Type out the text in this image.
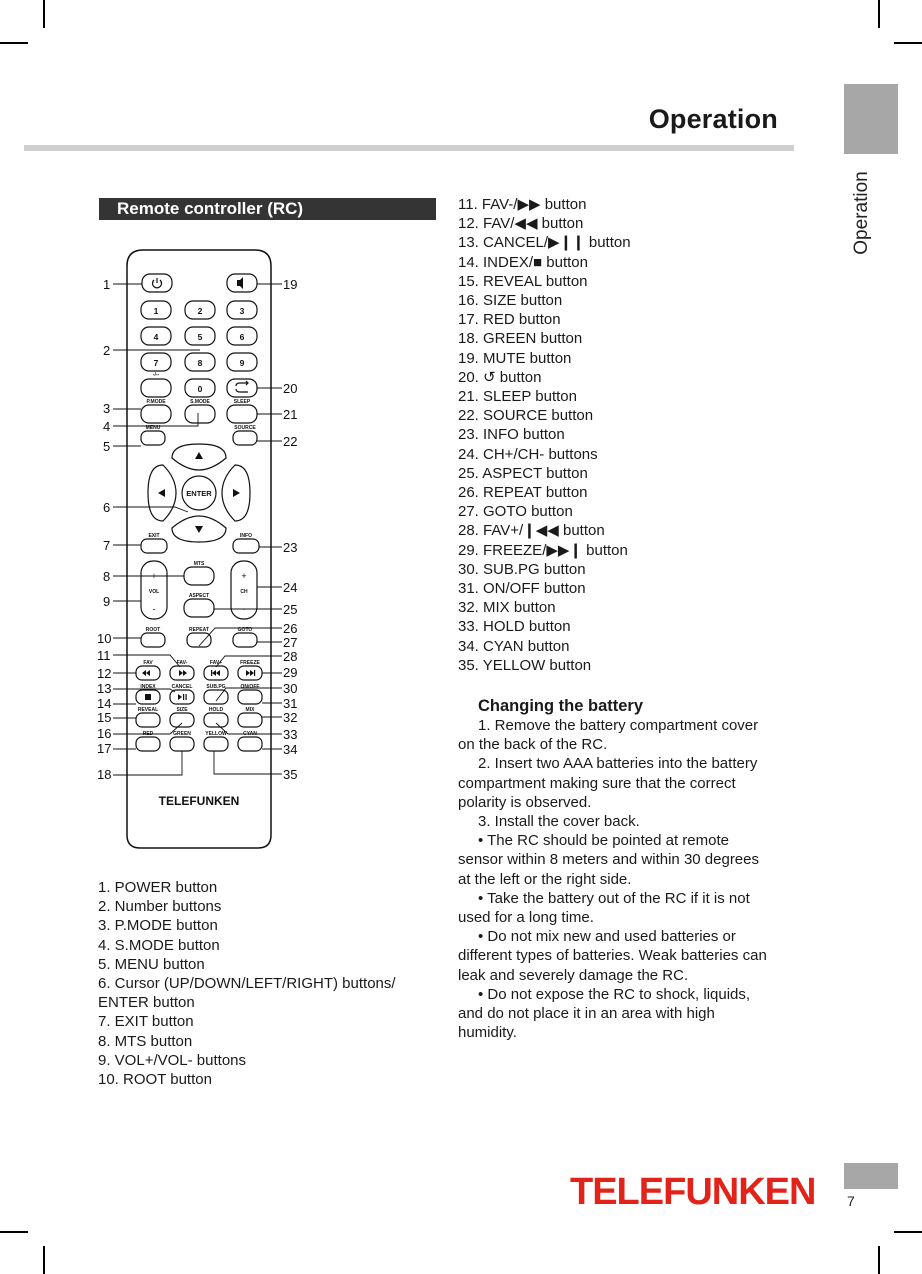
Operation
Operation
Remote controller (RC)
1	2	3
4	5	6
7	8	9
0
ENTER
-/--
P.MODE	S.MODE	SLEEP
MENU	SOURCE
EXIT	INFO
MTS
VOL	CH
ASPECT
ROOT	REPEAT	GOTO
FAV	FAV-	FAV+	FREEZE
INDEX	CANCEL	SUB.PG	ON/OFF
REVEAL	SIZE	HOLD	MIX
RED	GREEN	YELLOW	CYAN
+
-
+
-
TELEFUNKEN
1
2
3
4
5
6
7
8
9
10
11
12
13
14
15
16
17
18
19
20
21
22
23
24
25
26
27
28
29
30
31
32
33
34
35
1. POWER button
2. Number buttons
3. P.MODE button
4. S.MODE button
5. MENU button
6. Cursor (UP/DOWN/LEFT/RIGHT) buttons/
ENTER button
7. EXIT button
8. MTS button
9. VOL+/VOL- buttons
10. ROOT button
11. FAV-/▶▶ button
12. FAV/◀◀ button
13. CANCEL/▶❙❙ button
14. INDEX/■ button
15. REVEAL button
16. SIZE button
17. RED button
18. GREEN button
19. MUTE button
20. ↺ button
21. SLEEP button
22. SOURCE button
23. INFO button
24. CH+/CH- buttons
25. ASPECT button
26. REPEAT button
27. GOTO button
28. FAV+/❙◀◀ button
29. FREEZE/▶▶❙ button
30. SUB.PG button
31. ON/OFF button
32. MIX button
33. HOLD button
34. CYAN button
35. YELLOW button
Changing the battery

1. Remove the battery compartment cover

on the back of the RC.

2. Insert two AAA batteries into the battery

compartment making sure that the correct

polarity is observed.

3. Install the cover back.

• The RC should be pointed at remote

sensor within 8 meters and within 30 degrees

at the left or the right side.

• Take the battery out of the RC if it is not

used for a long time.

• Do not mix new and used batteries or

different types of batteries. Weak batteries can

leak and severely damage the RC.

• Do not expose the RC to shock, liquids,

and do not place it in an area with high

humidity.

TELEFUNKEN 7
